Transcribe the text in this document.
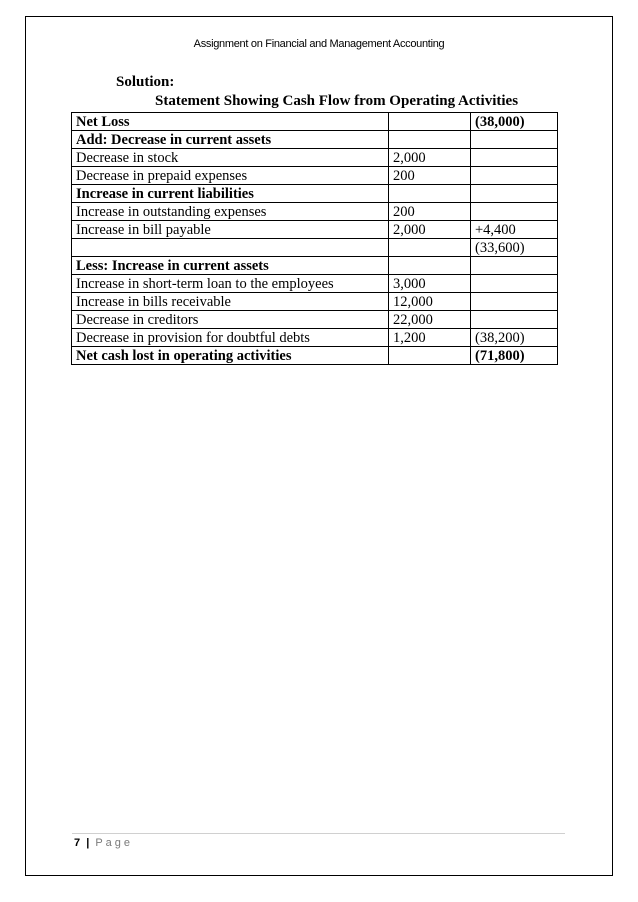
Assignment on Financial and Management Accounting
Solution:
Statement Showing Cash Flow from Operating Activities
Net Loss		(38,000)
Add: Decrease in current assets		
Decrease in stock	2,000	
Decrease in prepaid expenses	200	
Increase in current liabilities		
Increase in outstanding expenses	200	
Increase in bill payable	2,000	+4,400
		(33,600)
Less: Increase in current assets		
Increase in short-term loan to the employees	3,000	
Increase in bills receivable	12,000	
Decrease in creditors	22,000	
Decrease in provision for doubtful debts	1,200	(38,200)
Net cash lost in operating activities		(71,800)
7 | Page
